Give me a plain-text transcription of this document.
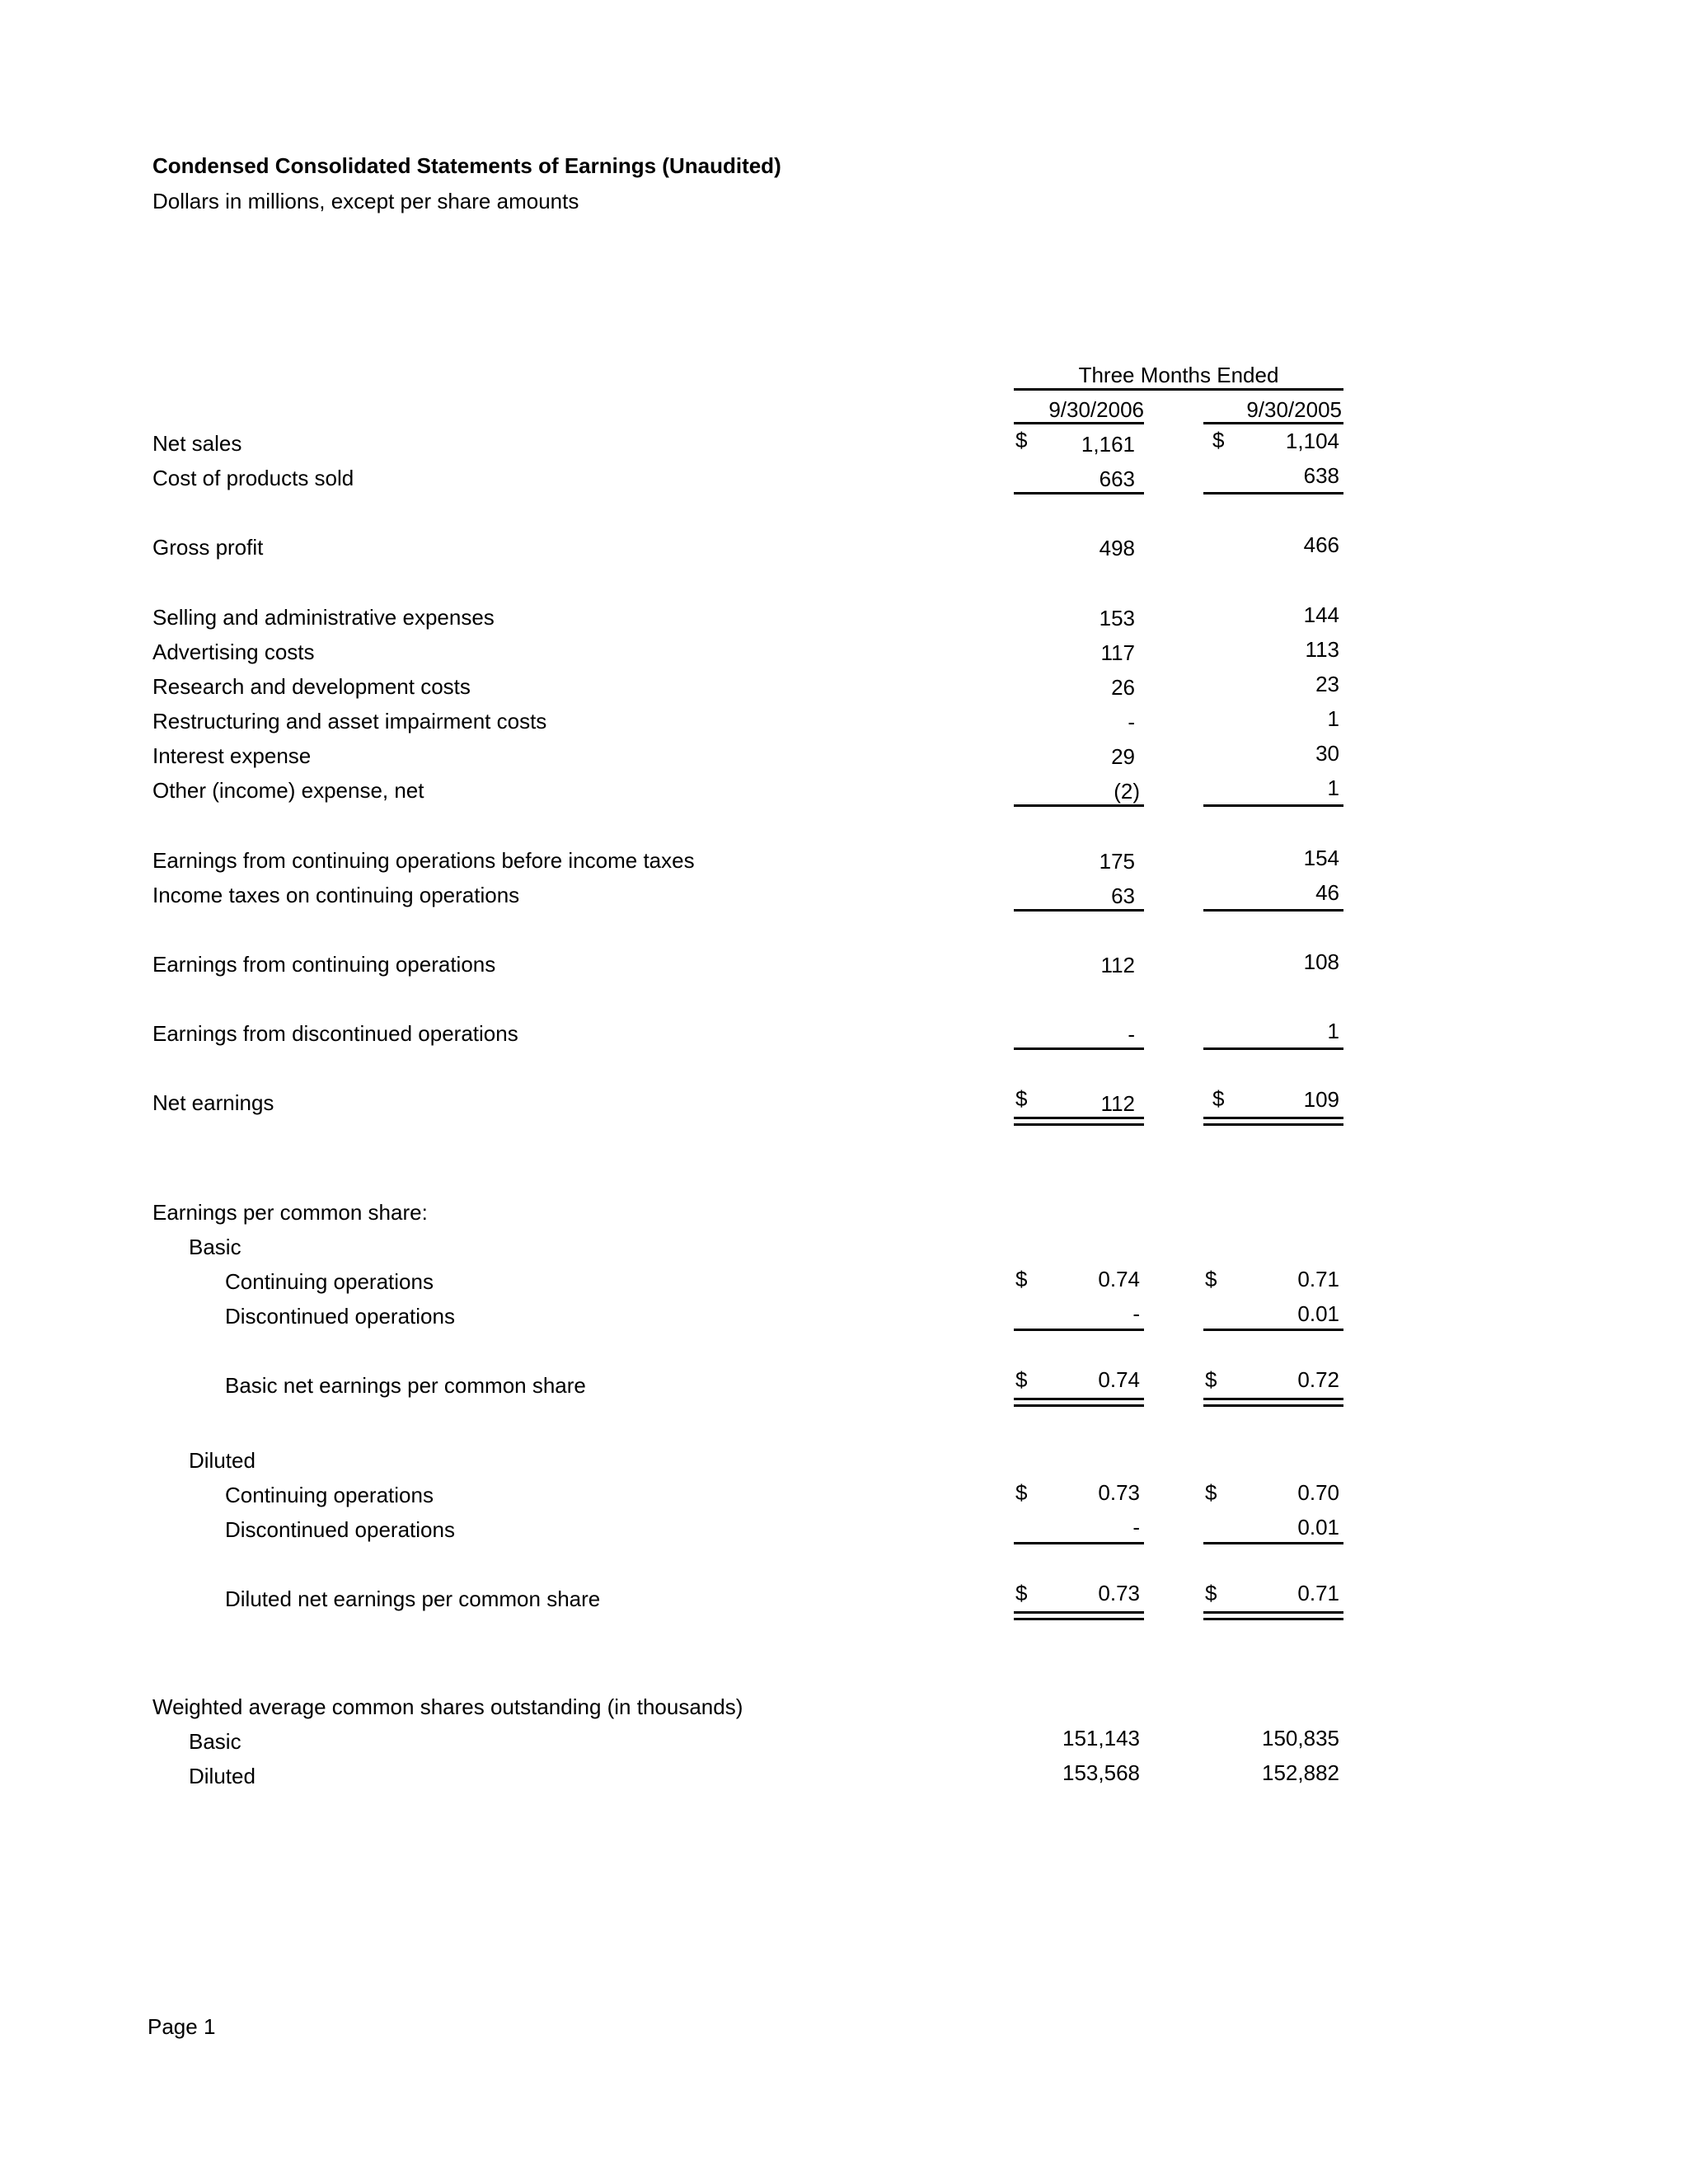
Condensed Consolidated Statements of Earnings (Unaudited)
Dollars in millions, except per share amounts
Three Months Ended
9/30/2006	9/30/2005
Net sales	$	1,161	$	1,104
Cost of products sold	663	638
Gross profit	498	466
Selling and administrative expenses	153	144
Advertising costs	117	113
Research and development costs	26	23
Restructuring and asset impairment costs	-	1
Interest expense	29	30
Other (income) expense, net	(2)	1
Earnings from continuing operations before income taxes	175	154
Income taxes on continuing operations	63	46
Earnings from continuing operations	112	108
Earnings from discontinued operations	-	1
Net earnings	$	112	$	109
Earnings per common share:
Basic
Continuing operations	$	0.74	$	0.71
Discontinued operations	-	0.01
Basic net earnings per common share	$	0.74	$	0.72
Diluted
Continuing operations	$	0.73	$	0.70
Discontinued operations	-	0.01
Diluted net earnings per common share	$	0.73	$	0.71
Weighted average common shares outstanding (in thousands)
Basic	151,143	150,835
Diluted	153,568	152,882
Page 1
